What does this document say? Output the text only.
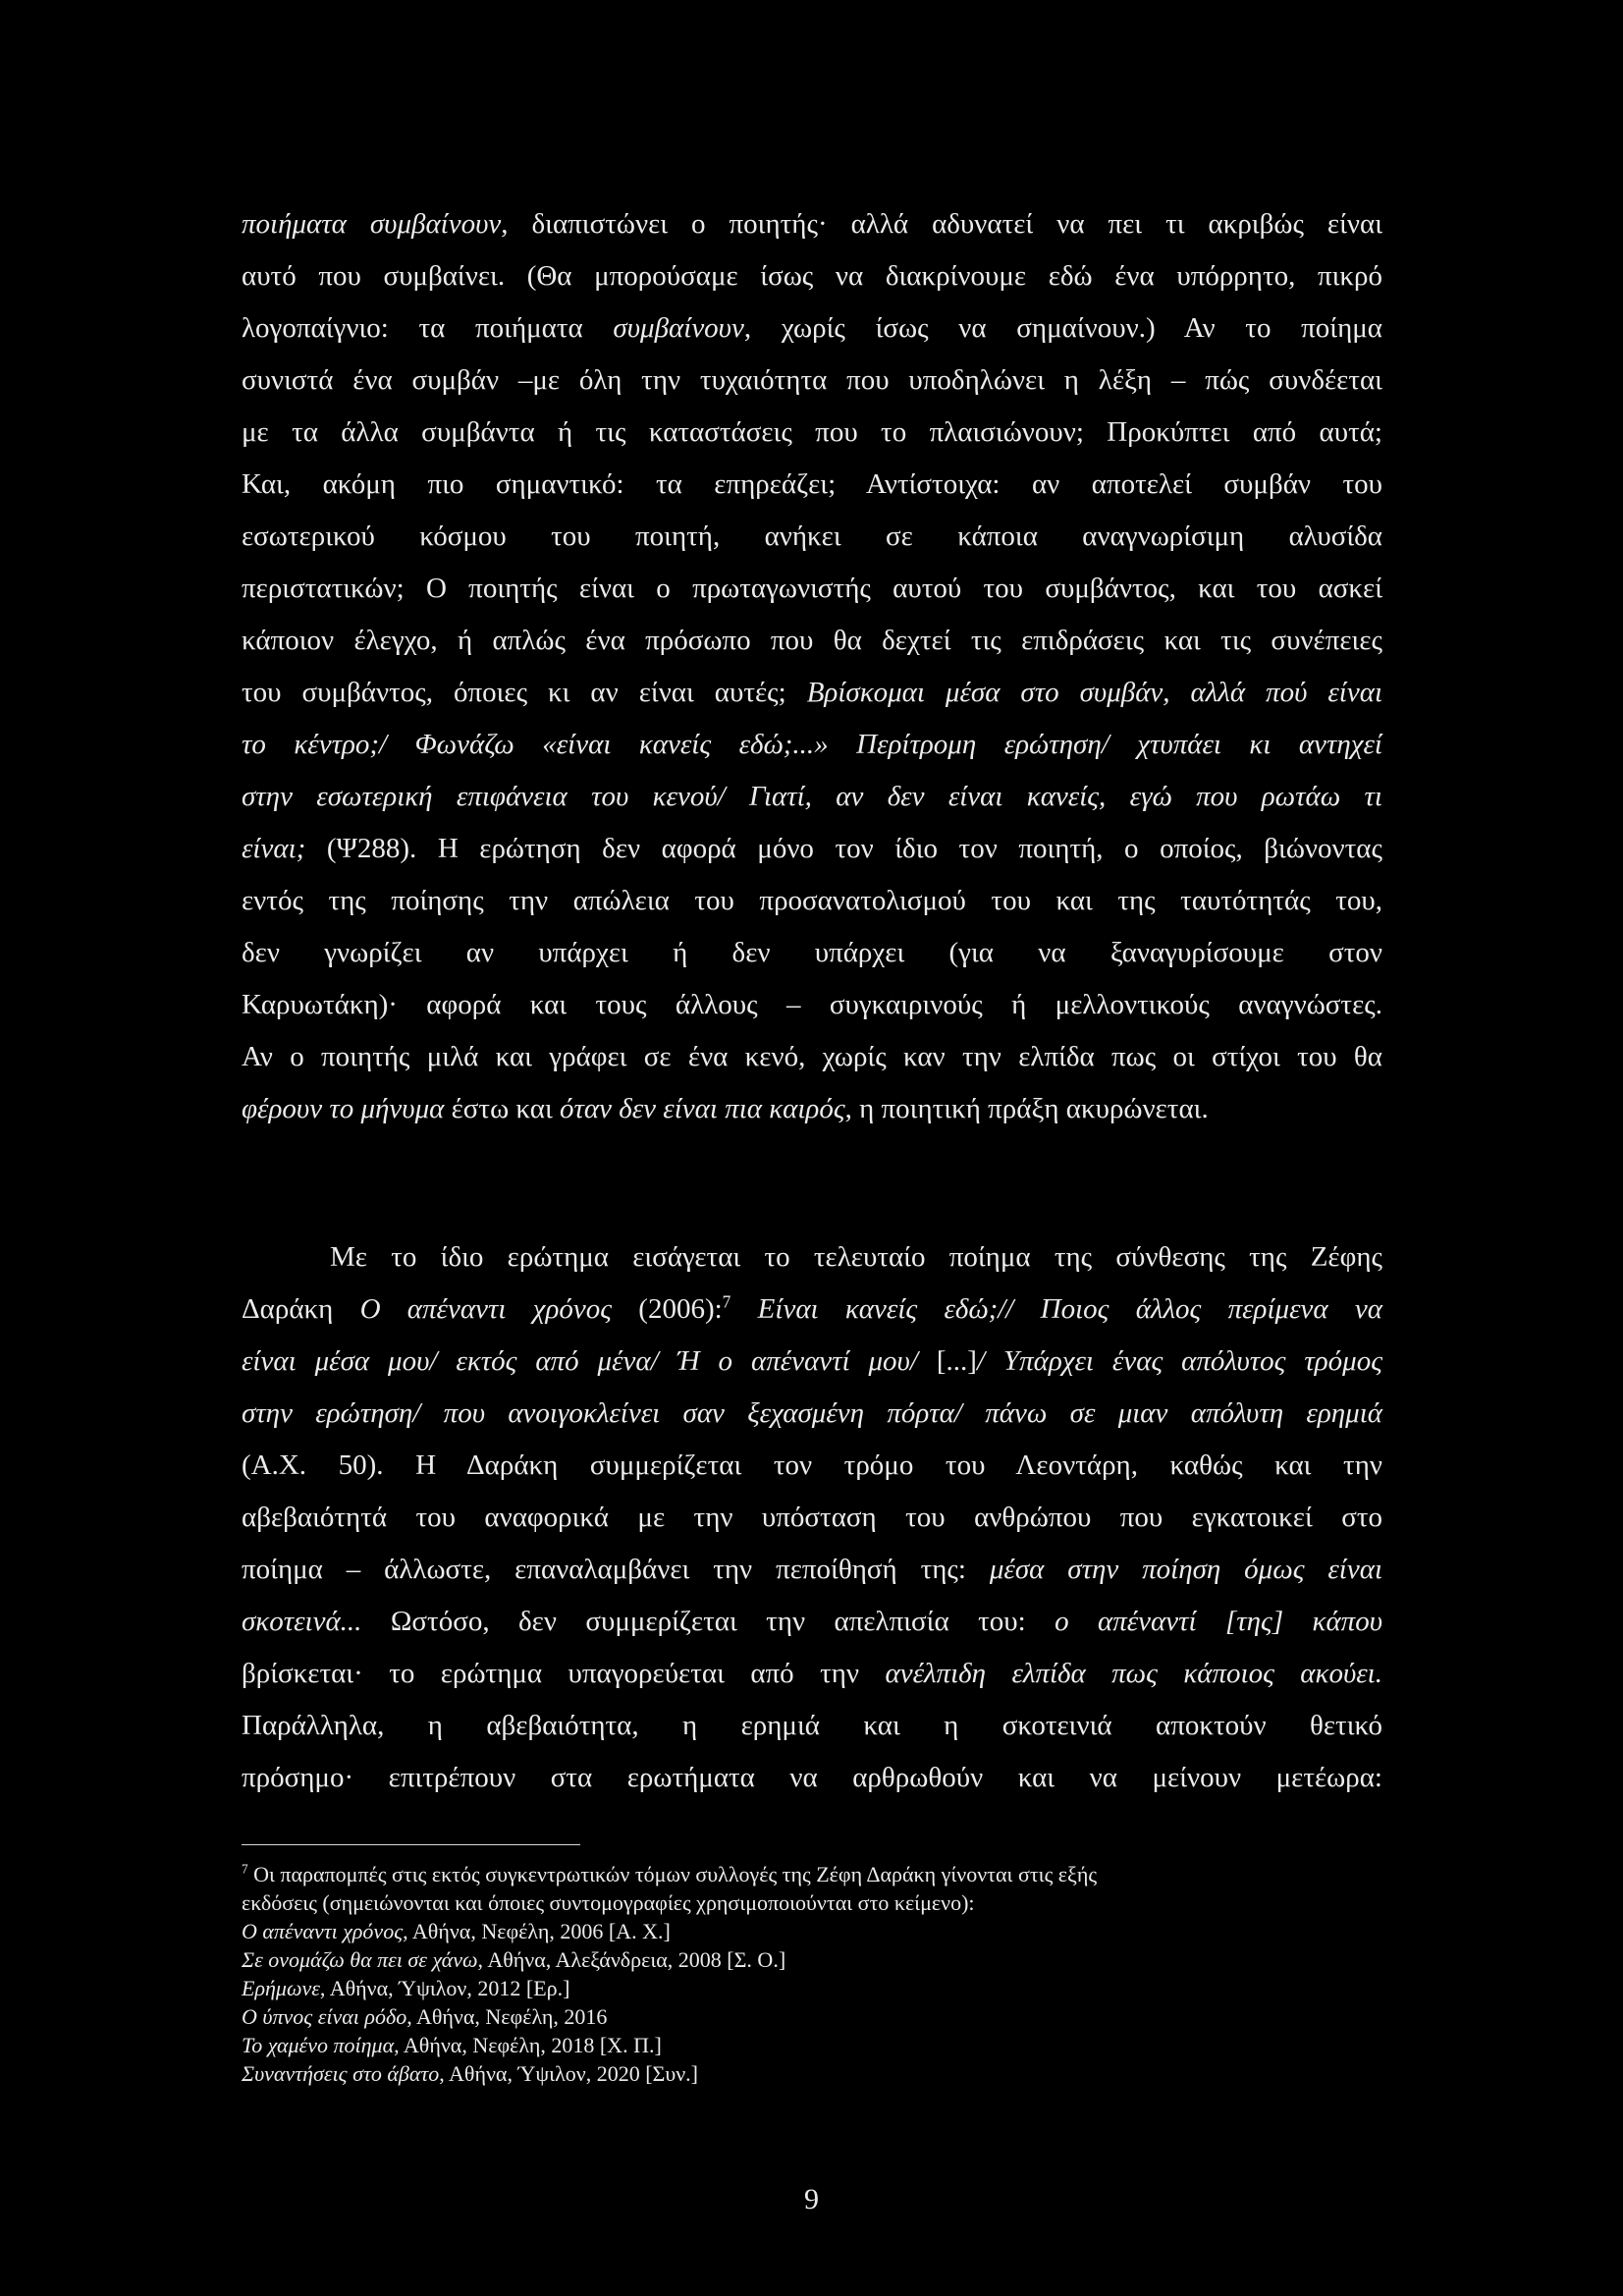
ποιήματα συμβαίνουν, διαπιστώνει ο ποιητής· αλλά αδυνατεί να πει τι ακριβώς είναι
αυτό που συμβαίνει. (Θα μπορούσαμε ίσως να διακρίνουμε εδώ ένα υπόρρητο, πικρό
λογοπαίγνιο: τα ποιήματα συμβαίνουν, χωρίς ίσως να σημαίνουν.) Αν το ποίημα
συνιστά ένα συμβάν –με όλη την τυχαιότητα που υποδηλώνει η λέξη – πώς συνδέεται
με τα άλλα συμβάντα ή τις καταστάσεις που το πλαισιώνουν; Προκύπτει από αυτά;
Και, ακόμη πιο σημαντικό: τα επηρεάζει; Αντίστοιχα: αν αποτελεί συμβάν του
εσωτερικού κόσμου του ποιητή, ανήκει σε κάποια αναγνωρίσιμη αλυσίδα
περιστατικών; Ο ποιητής είναι ο πρωταγωνιστής αυτού του συμβάντος, και του ασκεί
κάποιον έλεγχο, ή απλώς ένα πρόσωπο που θα δεχτεί τις επιδράσεις και τις συνέπειες
του συμβάντος, όποιες κι αν είναι αυτές; Βρίσκομαι μέσα στο συμβάν, αλλά πού είναι
το κέντρο;/ Φωνάζω «είναι κανείς εδώ;...» Περίτρομη ερώτηση/ χτυπάει κι αντηχεί
στην εσωτερική επιφάνεια του κενού/ Γιατί, αν δεν είναι κανείς, εγώ που ρωτάω τι
είναι; (Ψ288). Η ερώτηση δεν αφορά μόνο τον ίδιο τον ποιητή, ο οποίος, βιώνοντας
εντός της ποίησης την απώλεια του προσανατολισμού του και της ταυτότητάς του,
δεν γνωρίζει αν υπάρχει ή δεν υπάρχει (για να ξαναγυρίσουμε στον
Καρυωτάκη)· αφορά και τους άλλους – συγκαιρινούς ή μελλοντικούς αναγνώστες.
Αν ο ποιητής μιλά και γράφει σε ένα κενό, χωρίς καν την ελπίδα πως οι στίχοι του θα
φέρουν το μήνυμα έστω και όταν δεν είναι πια καιρός, η ποιητική πράξη ακυρώνεται.
Με το ίδιο ερώτημα εισάγεται το τελευταίο ποίημα της σύνθεσης της Ζέφης
Δαράκη Ο απέναντι χρόνος (2006):$^7$ Είναι κανείς εδώ;// Ποιος άλλος περίμενα να
είναι μέσα μου/ εκτός από μένα/ Ή ο απέναντί μου/ [...]/ Υπάρχει ένας απόλυτος τρόμος
στην ερώτηση/ που ανοιγοκλείνει σαν ξεχασμένη πόρτα/ πάνω σε μιαν απόλυτη ερημιά
(Α.Χ. 50). Η Δαράκη συμμερίζεται τον τρόμο του Λεοντάρη, καθώς και την
αβεβαιότητά του αναφορικά με την υπόσταση του ανθρώπου που εγκατοικεί στο
ποίημα – άλλωστε, επαναλαμβάνει την πεποίθησή της: μέσα στην ποίηση όμως είναι
σκοτεινά... Ωστόσο, δεν συμμερίζεται την απελπισία του: ο απέναντί [της] κάπου
βρίσκεται· το ερώτημα υπαγορεύεται από την ανέλπιδη ελπίδα πως κάποιος ακούει.
Παράλληλα, η αβεβαιότητα, η ερημιά και η σκοτεινιά αποκτούν θετικό
πρόσημο· επιτρέπουν στα ερωτήματα να αρθρωθούν και να μείνουν μετέωρα:
$^7$ Οι παραπομπές στις εκτός συγκεντρωτικών τόμων συλλογές της Ζέφη Δαράκη γίνονται στις εξής
εκδόσεις (σημειώνονται και όποιες συντομογραφίες χρησιμοποιούνται στο κείμενο):
Ο απέναντι χρόνος, Αθήνα, Νεφέλη, 2006 [Α. Χ.]
Σε ονομάζω θα πει σε χάνω, Αθήνα, Αλεξάνδρεια, 2008 [Σ. Ο.]
Ερήμωνε, Αθήνα, Ύψιλον, 2012 [Ερ.]
Ο ύπνος είναι ρόδο, Αθήνα, Νεφέλη, 2016
Το χαμένο ποίημα, Αθήνα, Νεφέλη, 2018 [Χ. Π.]
Συναντήσεις στο άβατο, Αθήνα, Ύψιλον, 2020 [Συν.]
9
